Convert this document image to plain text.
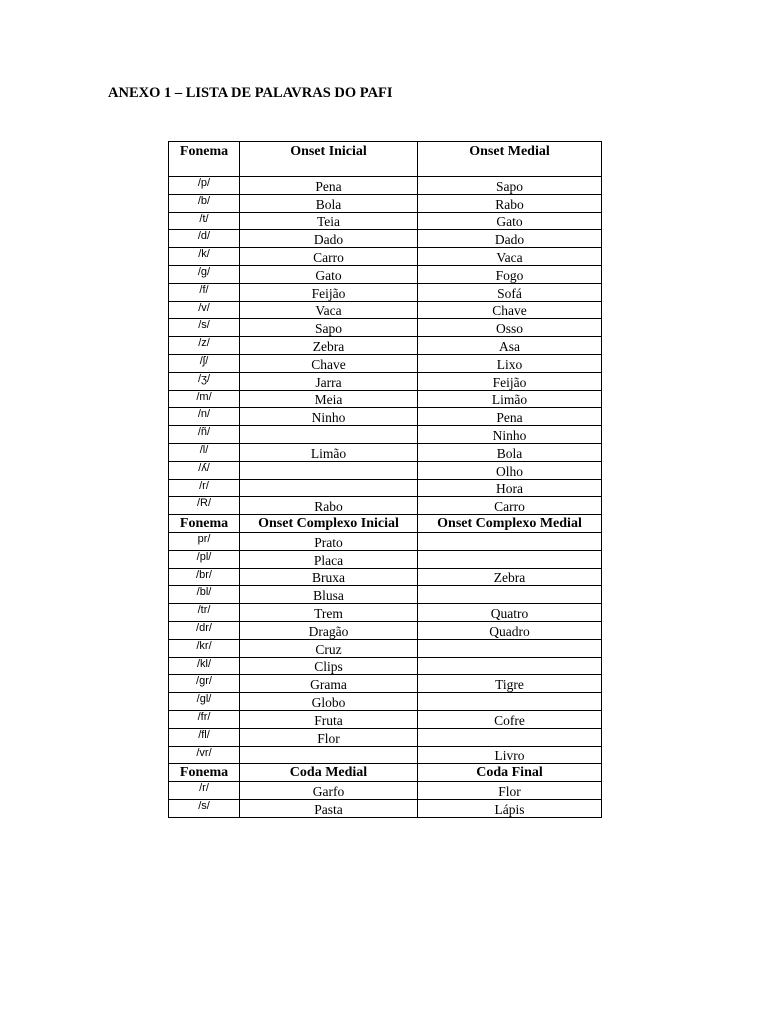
ANEXO 1 – LISTA DE PALAVRAS DO PAFI
Fonema	Onset Inicial	Onset Medial
/p/	Pena	Sapo
/b/	Bola	Rabo
/t/	Teia	Gato
/d/	Dado	Dado
/k/	Carro	Vaca
/g/	Gato	Fogo
/f/	Feijão	Sofá
/v/	Vaca	Chave
/s/	Sapo	Osso
/z/	Zebra	Asa
/ʃ/	Chave	Lixo
/ʒ/	Jarra	Feijão
/m/	Meia	Limão
/n/	Ninho	Pena
/ñ/		Ninho
/l/	Limão	Bola
/ʎ/		Olho
/r/		Hora
/R/	Rabo	Carro
Fonema	Onset Complexo Inicial	Onset Complexo Medial
pr/	Prato	
/pl/	Placa	
/br/	Bruxa	Zebra
/bl/	Blusa	
/tr/	Trem	Quatro
/dr/	Dragão	Quadro
/kr/	Cruz	
/kl/	Clips	
/gr/	Grama	Tigre
/gl/	Globo	
/fr/	Fruta	Cofre
/fl/	Flor	
/vr/		Livro
Fonema	Coda Medial	Coda Final
/r/	Garfo	Flor
/s/	Pasta	Lápis
